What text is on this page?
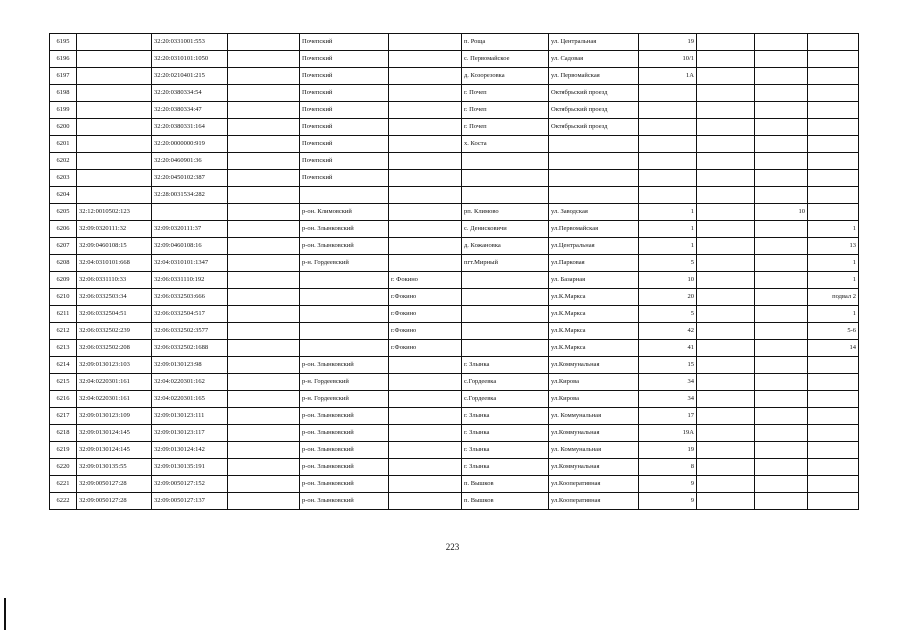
6195		32:20:0331001:553		Почепский		п. Роща	ул. Центральная	19			
6196		32:20:0310101:1050		Почепский		с. Первомайское	ул. Садовая	10/1			
6197		32:20:0210401:215		Почепский		д. Козорезовка	ул. Первомайская	1А			
6198		32:20:0380334:54		Почепский		г. Почеп	Октябрьский проезд				
6199		32:20:0380334:47		Почепский		г. Почеп	Октябрьский проезд				
6200		32:20:0380331:164		Почепский		г. Почеп	Октябрьский проезд				
6201		32:20:0000000:919		Почепский		х. Коста					
6202		32:20:0460901:36		Почепский							
6203		32:20:0450102:387		Почепский							
6204		32:28:0031534:282									
6205	32:12:0010502:123			р-он. Климовский		рп. Климово	ул. Заводская	1		10	
6206	32:09:0320111:32	32:09:0320111:37		р-он. Злынковский		с. Денисковичи	ул.Первомайская	1			1
6207	32:09:0460108:15	32:09:0460108:16		р-он. Злынковский		д. Кожановка	ул.Центральная	1			13
6208	32:04:0310101:668	32:04:0310101:1347		р-н. Гордеевский		пгт.Мирный	ул.Парковая	5			1
6209	32:06:0331110:33	32:06:0331110:192			г. Фокино		ул. Базарная	10			1
6210	32:06:0332503:34	32:06:0332503:666			г.Фокино		ул.К.Маркса	20			подвал 2
6211	32:06:0332504:51	32:06:0332504:517			г.Фокино		ул.К.Маркса	5			1
6212	32:06:0332502:239	32:06:0332502:3577			г.Фокино		ул.К.Маркса	42			5-6
6213	32:06:0332502:208	32:06:0332502:1688			г.Фокино		ул.К.Маркса	41			14
6214	32:09:0130123:103	32:09:0130123:98		р-он. Злынковский		г. Злынка	ул.Коммунальная	15			
6215	32:04:0220301:161	32:04:0220301:162		р-н. Гордеевский		с.Гордеевка	ул.Кирова	34			
6216	32:04:0220301:161	32:04:0220301:165		р-н. Гордеевский		с.Гордеевка	ул.Кирова	34			
6217	32:09:0130123:109	32:09:0130123:111		р-он. Злынковский		г. Злынка	ул. Коммунальная	17			
6218	32:09:0130124:145	32:09:0130123:117		р-он. Злынковский		г. Злынка	ул.Коммунальная	19А			
6219	32:09:0130124:145	32:09:0130124:142		р-он. Злынковский		г. Злынка	ул. Коммунальная	19			
6220	32:09:0130135:55	32:09:0130135:191		р-он. Злынковский		г. Злынка	ул.Коммунальная	8			
6221	32:09:0050127:28	32:09:0050127:152		р-он. Злынковский		п. Вышков	ул.Кооперативная	9			
6222	32:09:0050127:28	32:09:0050127:137		р-он. Злынковский		п. Вышков	ул.Кооперативная	9			
223
